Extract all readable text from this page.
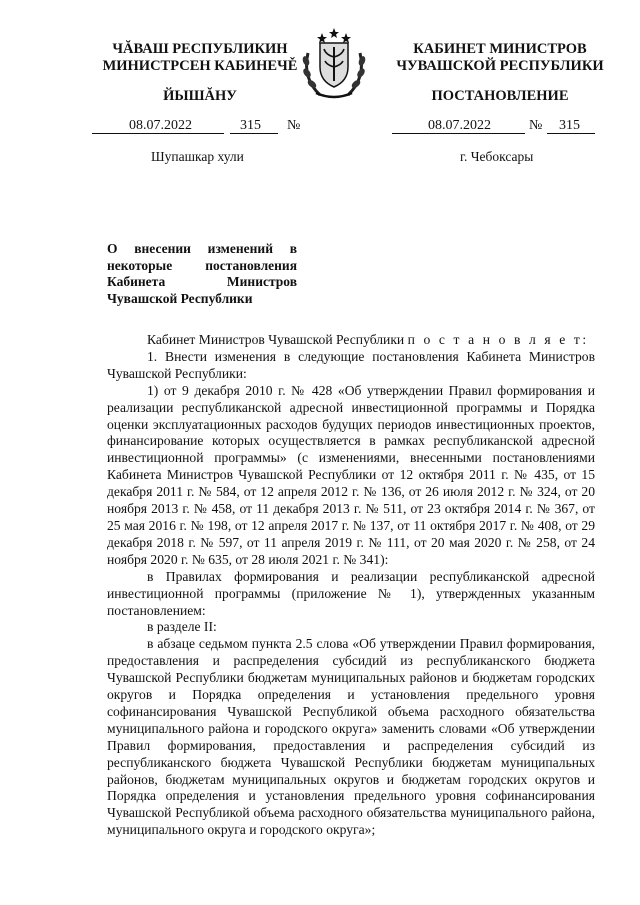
ЧĂВАШ РЕСПУБЛИКИН
МИНИСТРСЕН КАБИНЕЧĚ
ЙЫШĂНУ
КАБИНЕТ МИНИСТРОВ
ЧУВАШСКОЙ РЕСПУБЛИКИ
ПОСТАНОВЛЕНИЕ
08.07.2022	315 №	08.07.2022	№ 315
Шупашкар хули	г. Чебоксары
О внесении изменений в некоторые постановления Кабинета Министров Чувашской Республики

Кабинет Министров Чувашской Республики п о с т а н о в л я е т:

1. Внести изменения в следующие постановления Кабинета Министров Чувашской Республики:

1) от 9 декабря 2010 г. № 428 «Об утверждении Правил формирования и реализации республиканской адресной инвестиционной программы и Порядка оценки эксплуатационных расходов будущих периодов инвестиционных проектов, финансирование которых осуществляется в рамках республиканской адресной инвестиционной программы» (с изменениями, внесенными постановлениями Кабинета Министров Чувашской Республики от 12 октября 2011 г. № 435, от 15 декабря 2011 г. № 584, от 12 апреля 2012 г. № 136, от 26 июля 2012 г. № 324, от 20 ноября 2013 г. № 458, от 11 декабря 2013 г. № 511, от 23 октября 2014 г. № 367, от 25 мая 2016 г. № 198, от 12 апреля 2017 г. № 137, от 11 октября 2017 г. № 408, от 29 декабря 2018 г. № 597, от 11 апреля 2019 г. № 111, от 20 мая 2020 г. № 258, от 24 ноября 2020 г. № 635, от 28 июля 2021 г. № 341):

в Правилах формирования и реализации республиканской адресной инвестиционной программы (приложение № 1), утвержденных указанным постановлением:

в разделе II:

в абзаце седьмом пункта 2.5 слова «Об утверждении Правил формирования, предоставления и распределения субсидий из республиканского бюджета Чувашской Республики бюджетам муниципальных районов и бюджетам городских округов и Порядка определения и установления предельного уровня софинансирования Чувашской Республикой объема расходного обязательства муниципального района и городского округа» заменить словами «Об утверждении Правил формирования, предоставления и распределения субсидий из республиканского бюджета Чувашской Республики бюджетам муниципальных районов, бюджетам муниципальных округов и бюджетам городских округов и Порядка определения и установления предельного уровня софинансирования Чувашской Республикой объема расходного обязательства муниципального района, муниципального округа и городского округа»;
